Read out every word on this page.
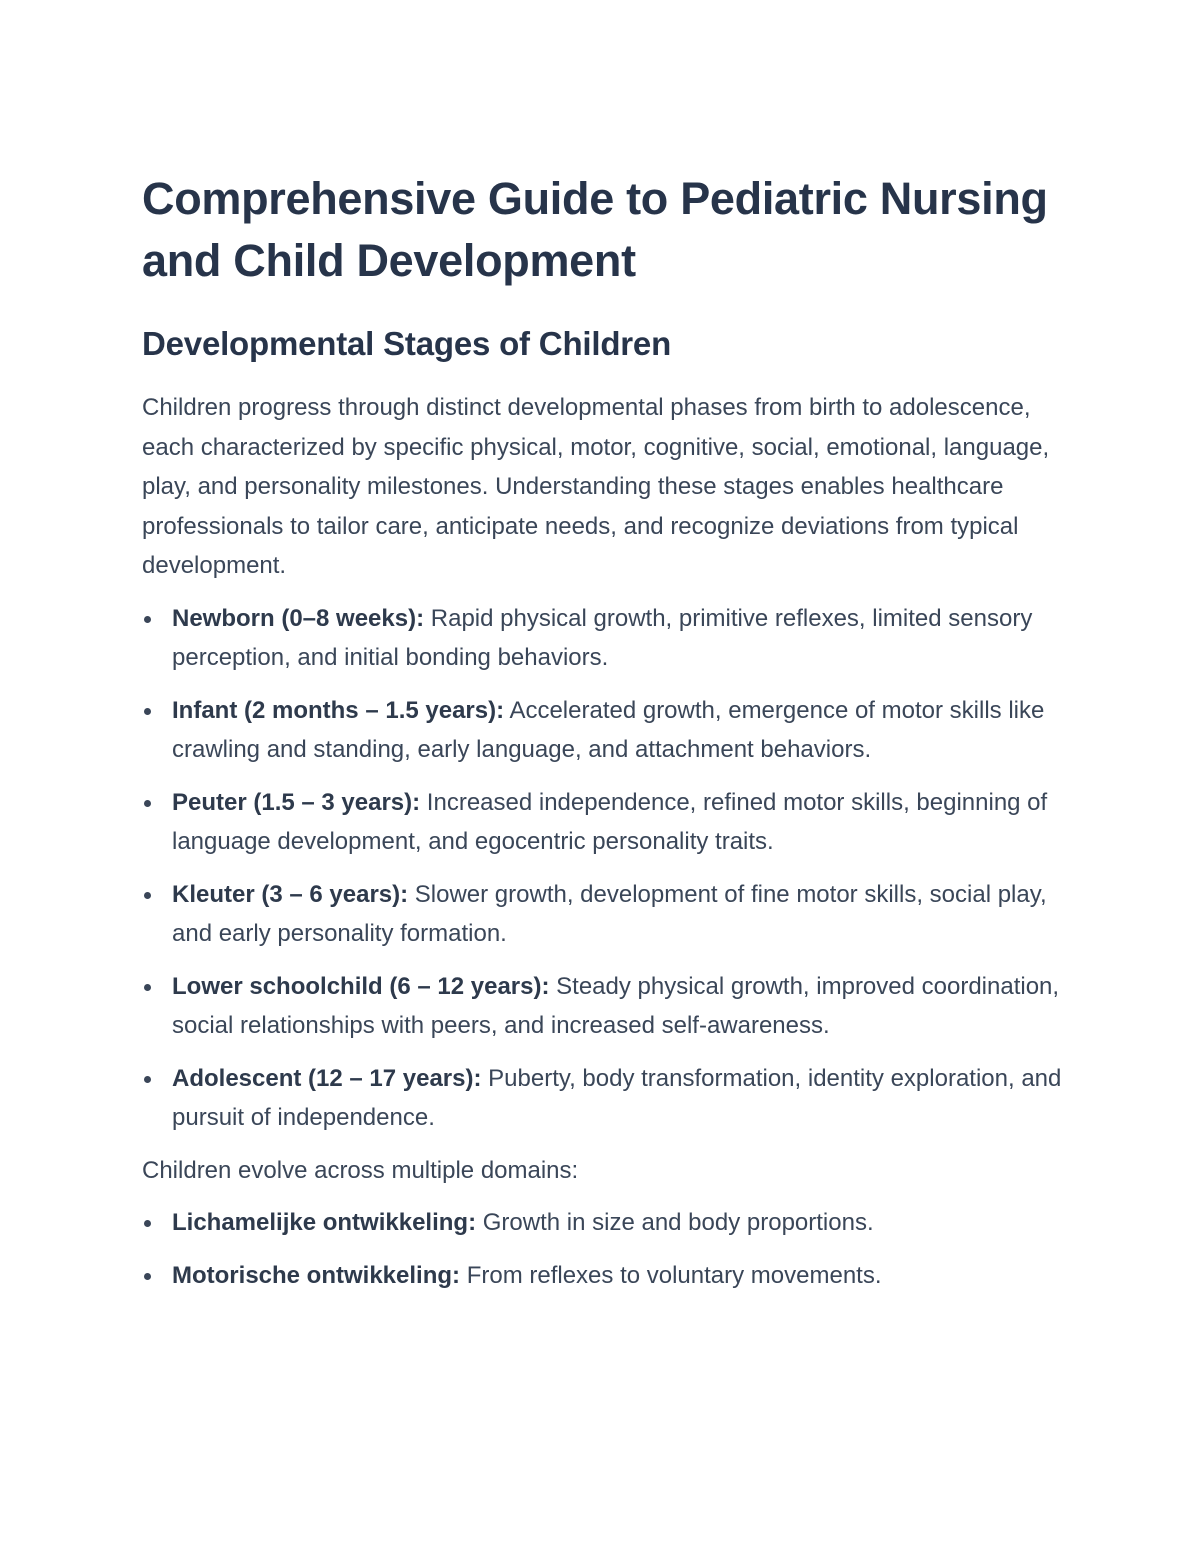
Comprehensive Guide to Pediatric Nursing and Child Development
Developmental Stages of Children

Children progress through distinct developmental phases from birth to adolescence, each characterized by specific physical, motor, cognitive, social, emotional, language, play, and personality milestones. Understanding these stages enables healthcare professionals to tailor care, anticipate needs, and recognize deviations from typical development.

Newborn (0–8 weeks): Rapid physical growth, primitive reflexes, limited sensory perception, and initial bonding behaviors.
Infant (2 months – 1.5 years): Accelerated growth, emergence of motor skills like crawling and standing, early language, and attachment behaviors.
Peuter (1.5 – 3 years): Increased independence, refined motor skills, beginning of language development, and egocentric personality traits.
Kleuter (3 – 6 years): Slower growth, development of fine motor skills, social play, and early personality formation.
Lower schoolchild (6 – 12 years): Steady physical growth, improved coordination, social relationships with peers, and increased self-awareness.
Adolescent (12 – 17 years): Puberty, body transformation, identity exploration, and pursuit of independence.

Children evolve across multiple domains:

Lichamelijke ontwikkeling: Growth in size and body proportions.
Motorische ontwikkeling: From reflexes to voluntary movements.
